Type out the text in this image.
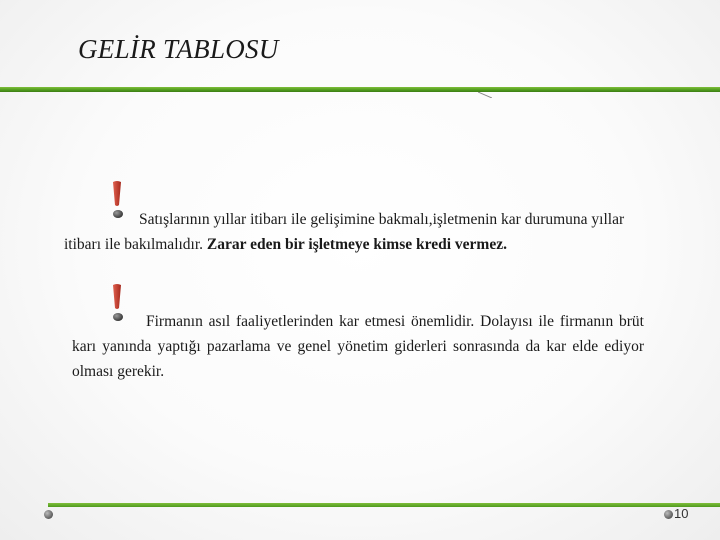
GELİR TABLOSU

Satışlarının yıllar itibarı ile gelişimine bakmalı,işletmenin kar durumuna yıllar itibarı ile bakılmalıdır. Zarar eden bir işletmeye kimse kredi vermez.

Firmanın asıl faaliyetlerinden kar etmesi önemlidir. Dolayısı ile firmanın brüt karı yanında yaptığı pazarlama ve genel yönetim giderleri sonrasında da kar elde ediyor olması gerekir.

10
